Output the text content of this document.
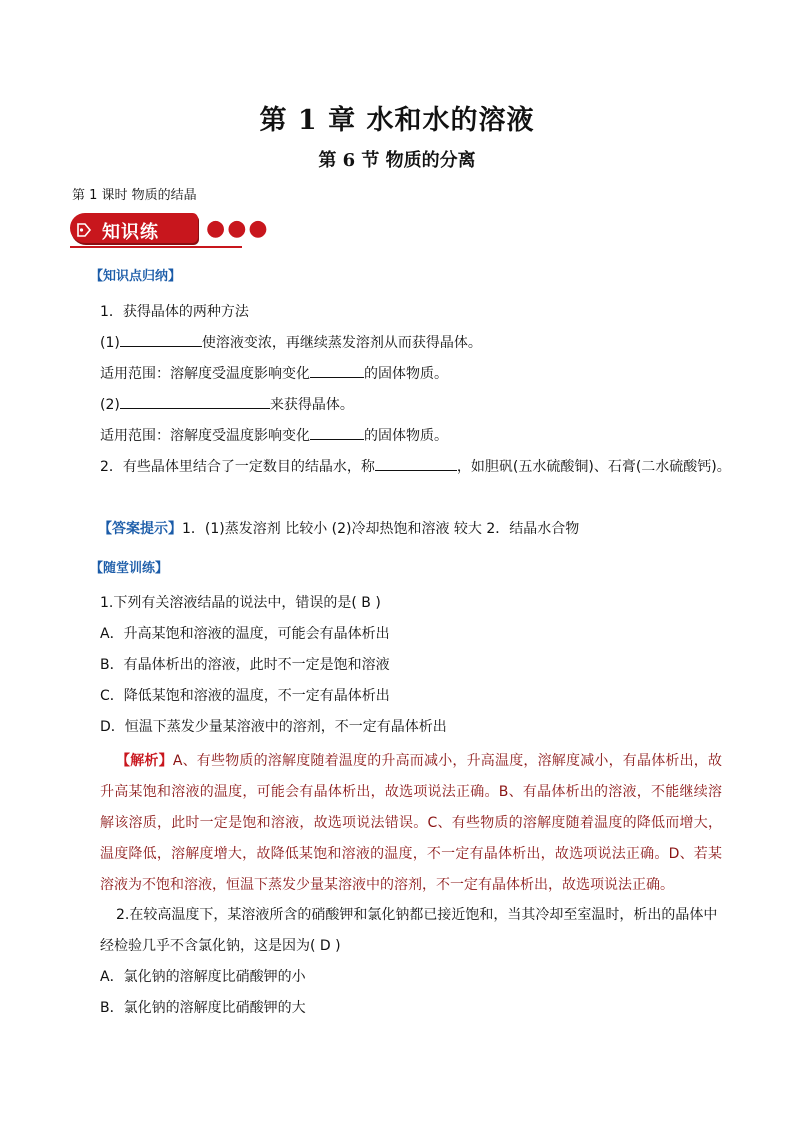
第 1 章 水和水的溶液
第 6 节 物质的分离
第 1 课时 物质的结晶
知识练 ●●●
【知识点归纳】
1．获得晶体的两种方法
(1)	使溶液变浓，再继续蒸发溶剂从而获得晶体。
适用范围：溶解度受温度影响变化	的固体物质。
(2)	来获得晶体。
适用范围：溶解度受温度影响变化	的固体物质。
2．有些晶体里结合了一定数目的结晶水，称	，如胆矾(五水硫酸铜)、石膏(二水硫酸钙)。
【答案提示】1．(1)蒸发溶剂 比较小 (2)冷却热饱和溶液 较大 2．结晶水合物
【随堂训练】
1.下列有关溶液结晶的说法中，错误的是( B )
A．升高某饱和溶液的温度，可能会有晶体析出
B．有晶体析出的溶液，此时不一定是饱和溶液
C．降低某饱和溶液的温度，不一定有晶体析出
D．恒温下蒸发少量某溶液中的溶剂，不一定有晶体析出
【解析】A、有些物质的溶解度随着温度的升高而减小，升高温度，溶解度减小，有晶体析出，故升高某饱和溶液的温度，可能会有晶体析出，故选项说法正确。B、有晶体析出的溶液，不能继续溶解该溶质，此时一定是饱和溶液，故选项说法错误。C、有些物质的溶解度随着温度的降低而增大，温度降低，溶解度增大，故降低某饱和溶液的温度，不一定有晶体析出，故选项说法正确。D、若某溶液为不饱和溶液，恒温下蒸发少量某溶液中的溶剂，不一定有晶体析出，故选项说法正确。
2.在较高温度下，某溶液所含的硝酸钾和氯化钠都已接近饱和，当其冷却至室温时，析出的晶体中经检验几乎不含氯化钠，这是因为( D )
A．氯化钠的溶解度比硝酸钾的小
B．氯化钠的溶解度比硝酸钾的大
